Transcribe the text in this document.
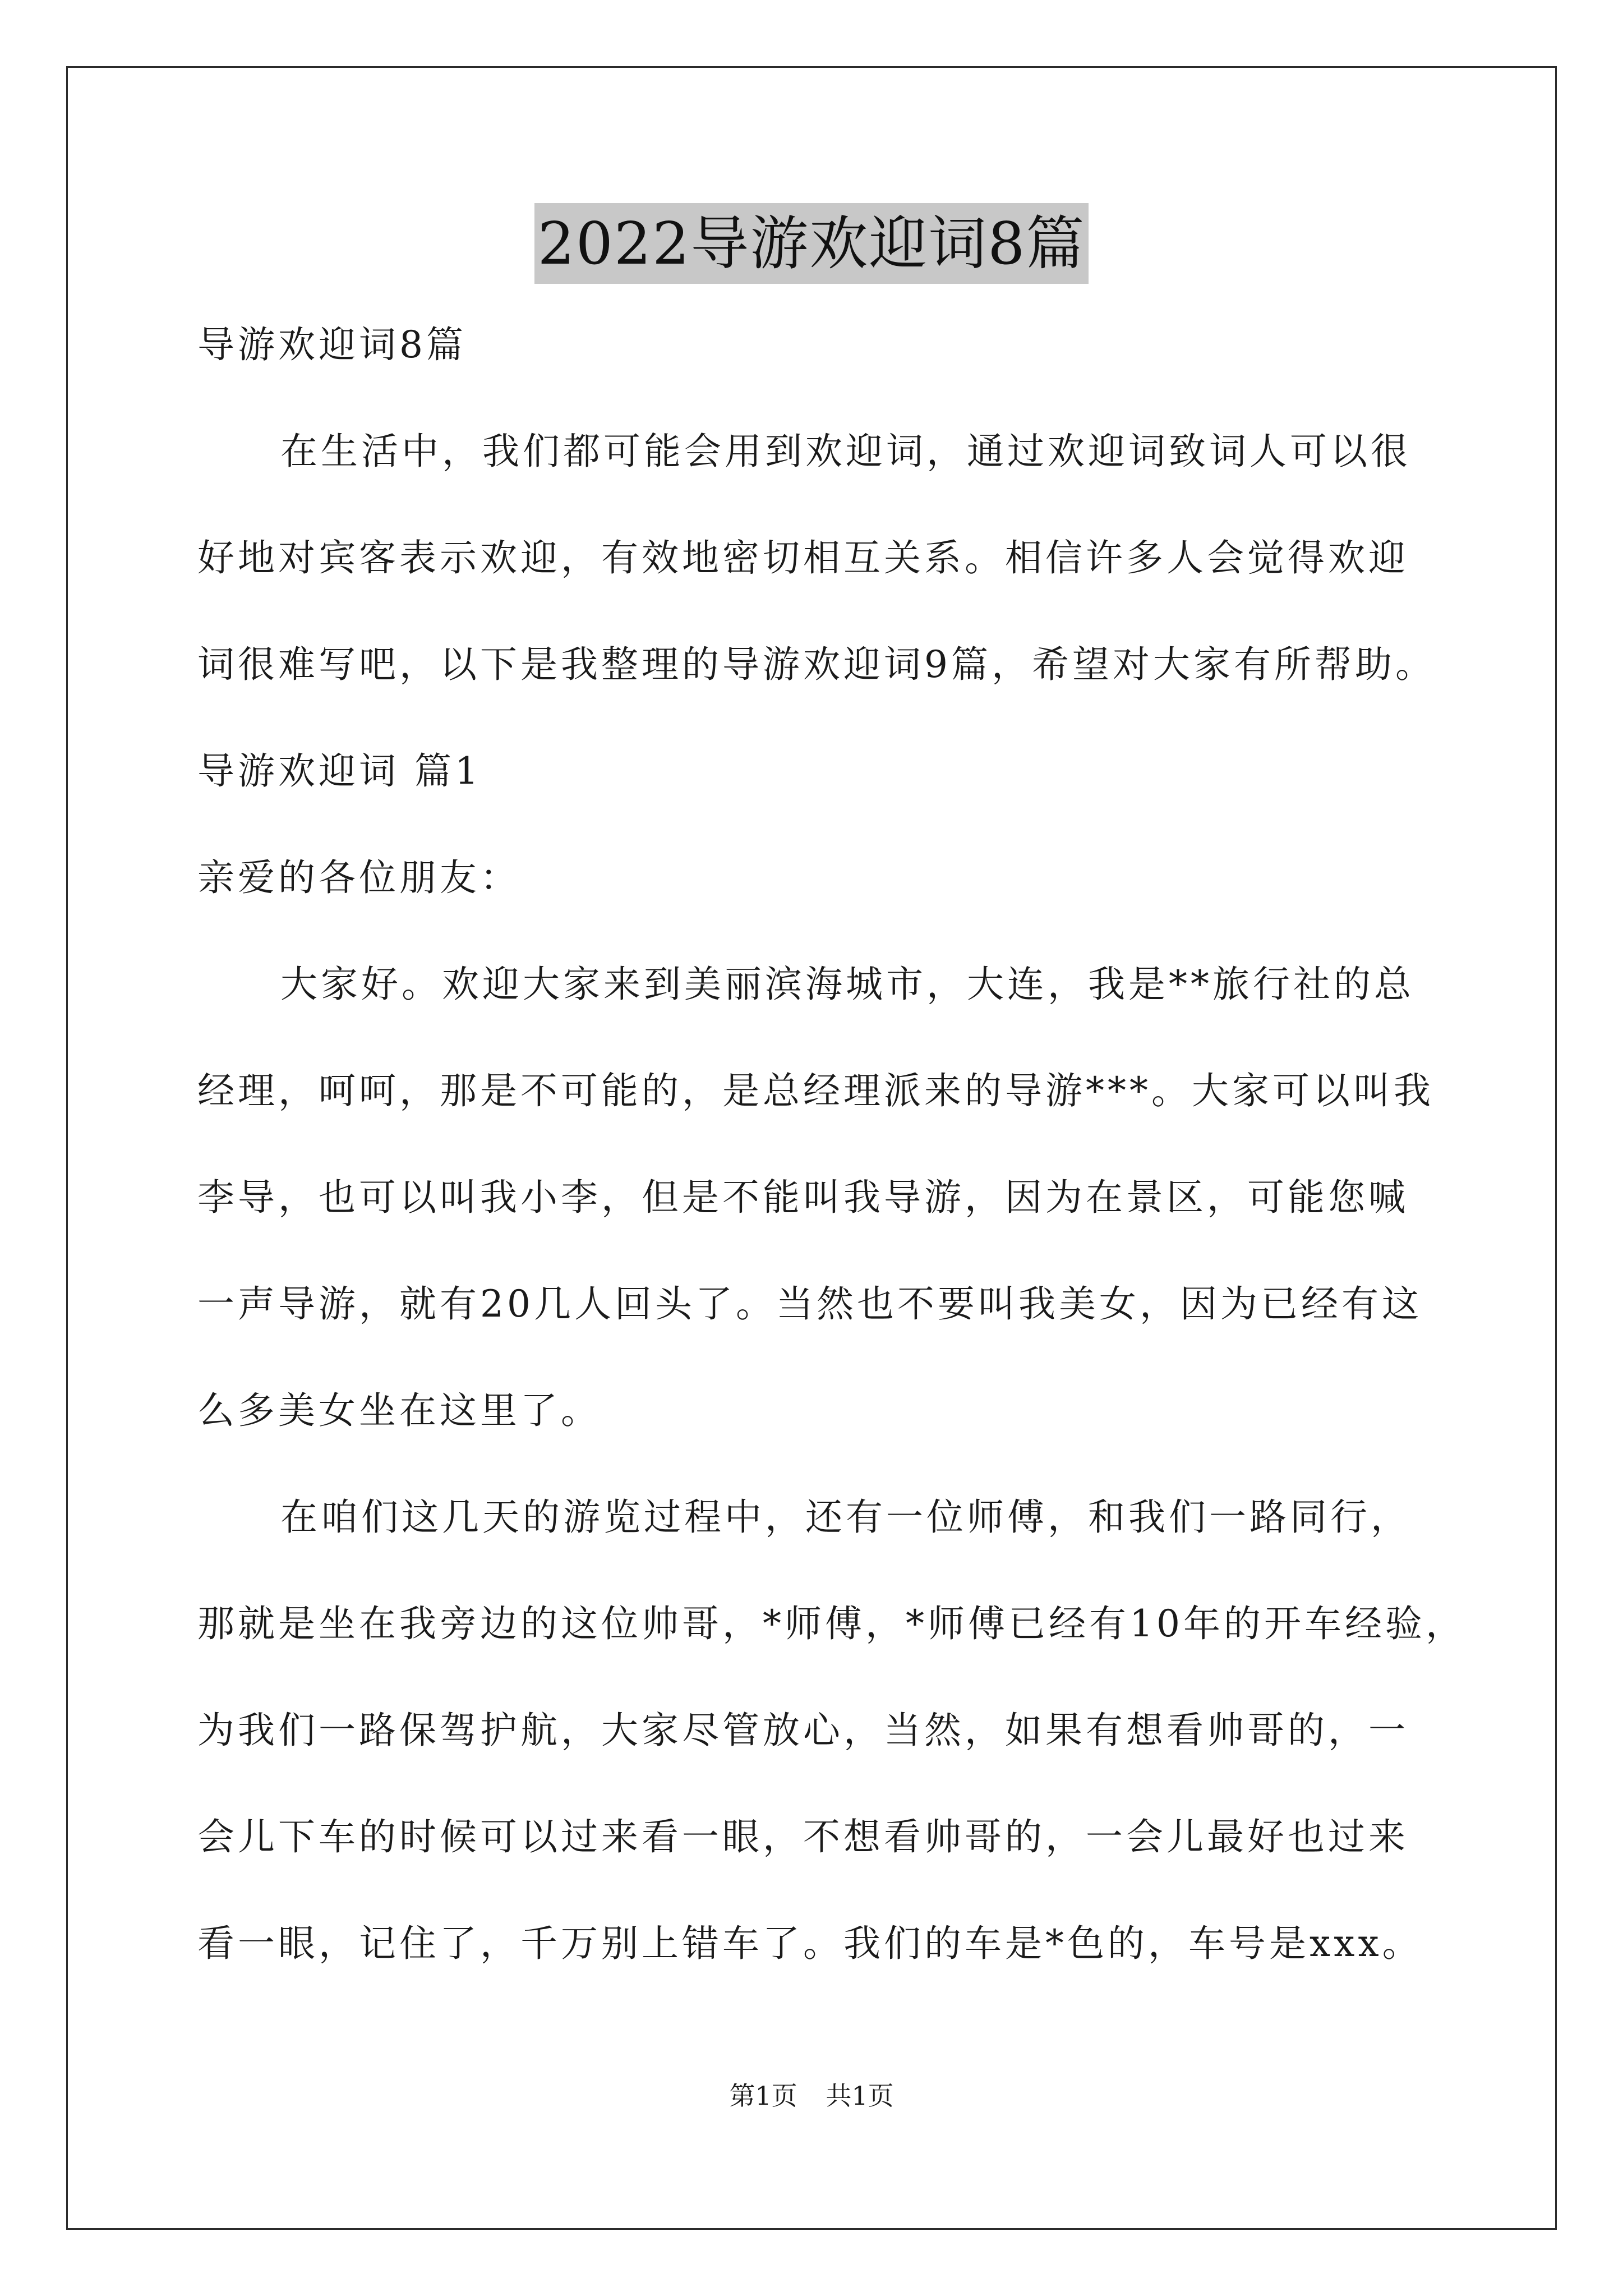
2022导游欢迎词8篇
导游欢迎词8篇
在生活中，我们都可能会用到欢迎词，通过欢迎词致词人可以很
好地对宾客表示欢迎，有效地密切相互关系。相信许多人会觉得欢迎
词很难写吧，以下是我整理的导游欢迎词9篇，希望对大家有所帮助。
导游欢迎词 篇1
亲爱的各位朋友：
大家好。欢迎大家来到美丽滨海城市，大连，我是**旅行社的总
经理，呵呵，那是不可能的，是总经理派来的导游***。大家可以叫我
李导，也可以叫我小李，但是不能叫我导游，因为在景区，可能您喊
一声导游，就有20几人回头了。当然也不要叫我美女，因为已经有这
么多美女坐在这里了。
在咱们这几天的游览过程中，还有一位师傅，和我们一路同行，
那就是坐在我旁边的这位帅哥，*师傅，*师傅已经有10年的开车经验，
为我们一路保驾护航，大家尽管放心，当然，如果有想看帅哥的，一
会儿下车的时候可以过来看一眼，不想看帅哥的，一会儿最好也过来
看一眼，记住了，千万别上错车了。我们的车是*色的，车号是xxx。
第1页 共1页
